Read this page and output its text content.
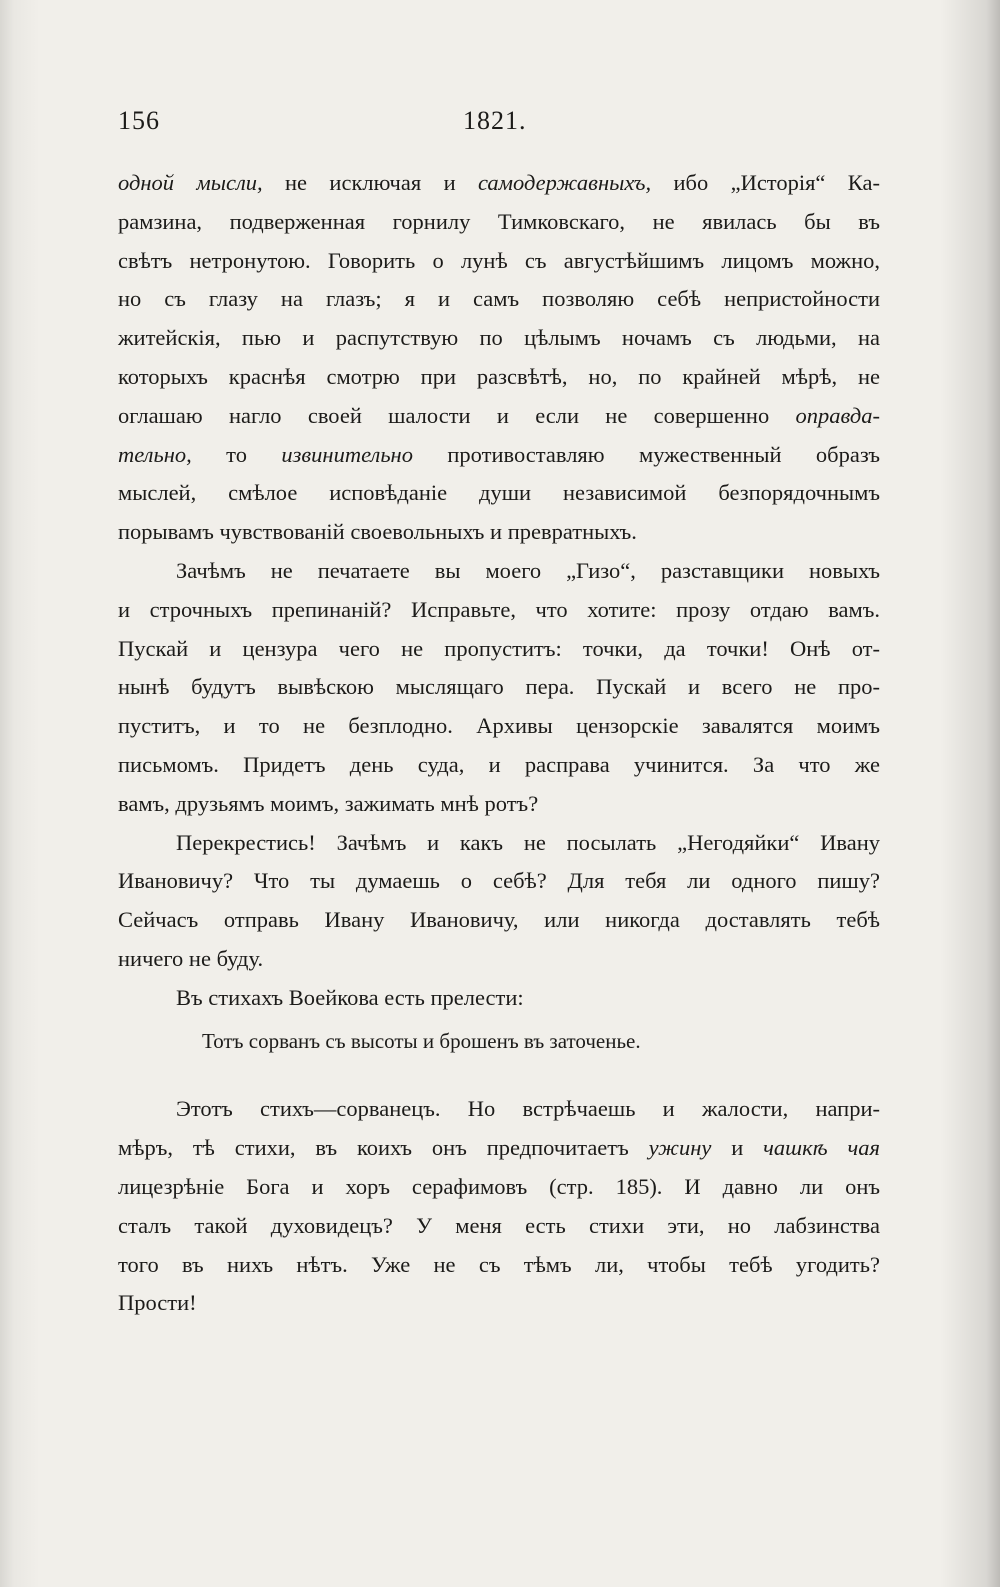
156	1821.
одной мысли, не исключая и самодержавныхъ, ибо „Исторія“ Ка-
рамзина, подверженная горнилу Тимковскаго, не явилась бы въ
свѣтъ нетронутою. Говорить о лунѣ съ августѣйшимъ лицомъ можно,
но съ глазу на глазъ; я и самъ позволяю себѣ непристойности
житейскія, пью и распутствую по цѣлымъ ночамъ съ людьми, на
которыхъ краснѣя смотрю при разсвѣтѣ, но, по крайней мѣрѣ, не
оглашаю нагло своей шалости и если не совершенно оправда-
тельно, то извинительно противоставляю мужественный образъ
мыслей, смѣлое исповѣданіе души независимой безпорядочнымъ
порывамъ чувствованій своевольныхъ и превратныхъ.
Зачѣмъ не печатаете вы моего „Гизо“, разставщики новыхъ
и строчныхъ препинаній? Исправьте, что хотите: прозу отдаю вамъ.
Пускай и цензура чего не пропуститъ: точки, да точки! Онѣ от-
нынѣ будутъ вывѣскою мыслящаго пера. Пускай и всего не про-
пуститъ, и то не безплодно. Архивы цензорскіе завалятся моимъ
письмомъ. Придетъ день суда, и расправа учинится. За что же
вамъ, друзьямъ моимъ, зажимать мнѣ ротъ?
Перекрестись! Зачѣмъ и какъ не посылать „Негодяйки“ Ивану
Ивановичу? Что ты думаешь о себѣ? Для тебя ли одного пишу?
Сейчасъ отправь Ивану Ивановичу, или никогда доставлять тебѣ
ничего не буду.
Въ стихахъ Воейкова есть прелести:
Тотъ сорванъ съ высоты и брошенъ въ заточенье.
Этотъ стихъ—сорванецъ. Но встрѣчаешь и жалости, напри-
мѣръ, тѣ стихи, въ коихъ онъ предпочитаетъ ужину и чашкѣ чая
лицезрѣніе Бога и хоръ серафимовъ (стр. 185). И давно ли онъ
сталъ такой духовидецъ? У меня есть стихи эти, но лабзинства
того въ нихъ нѣтъ. Уже не съ тѣмъ ли, чтобы тебѣ угодить?
Прости!
